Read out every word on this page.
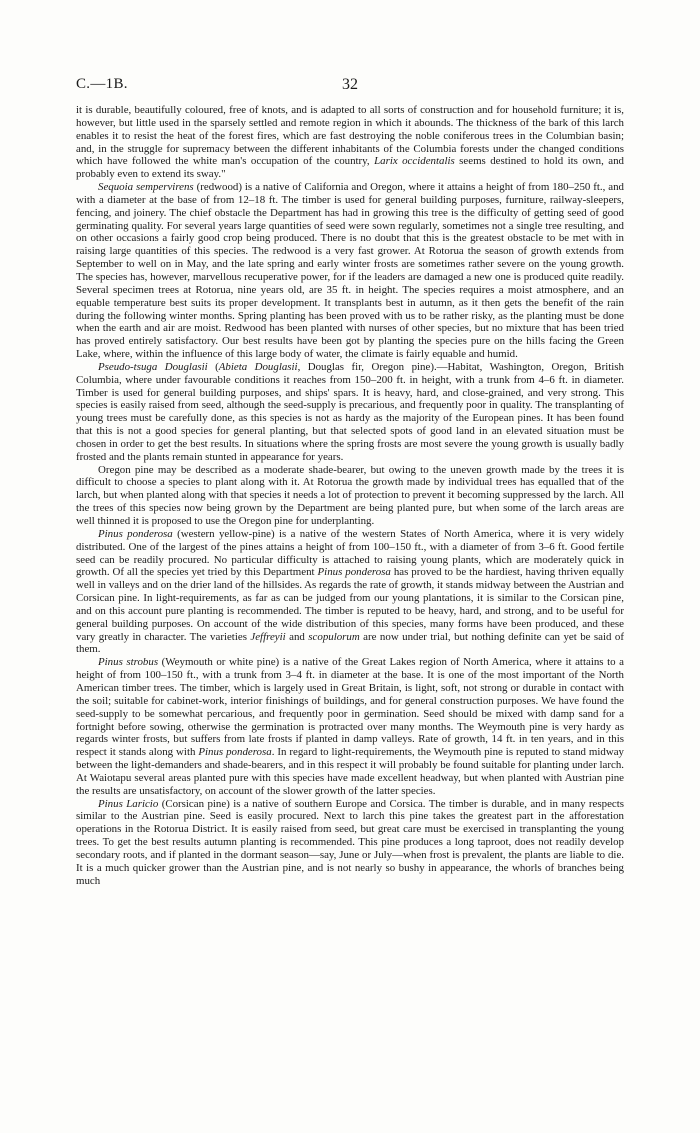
C.—1B.	32

it is durable, beautifully coloured, free of knots, and is adapted to all sorts of construction and for household furniture; it is, however, but little used in the sparsely settled and remote region in which it abounds. The thickness of the bark of this larch enables it to resist the heat of the forest fires, which are fast destroying the noble coniferous trees in the Columbian basin; and, in the struggle for supremacy between the different inhabitants of the Columbia forests under the changed conditions which have followed the white man's occupation of the country, Larix occidentalis seems destined to hold its own, and probably even to extend its sway."

Sequoia sempervirens (redwood) is a native of California and Oregon, where it attains a height of from 180–250 ft., and with a diameter at the base of from 12–18 ft. The timber is used for general building purposes, furniture, railway-sleepers, fencing, and joinery. The chief obstacle the Department has had in growing this tree is the difficulty of getting seed of good germinating quality. For several years large quantities of seed were sown regularly, sometimes not a single tree resulting, and on other occasions a fairly good crop being produced. There is no doubt that this is the greatest obstacle to be met with in raising large quantities of this species. The redwood is a very fast grower. At Rotorua the season of growth extends from September to well on in May, and the late spring and early winter frosts are sometimes rather severe on the young growth. The species has, however, marvellous recuperative power, for if the leaders are damaged a new one is produced quite readily. Several specimen trees at Rotorua, nine years old, are 35 ft. in height. The species requires a moist atmosphere, and an equable temperature best suits its proper development. It transplants best in autumn, as it then gets the benefit of the rain during the following winter months. Spring planting has been proved with us to be rather risky, as the planting must be done when the earth and air are moist. Redwood has been planted with nurses of other species, but no mixture that has been tried has proved entirely satisfactory. Our best results have been got by planting the species pure on the hills facing the Green Lake, where, within the influence of this large body of water, the climate is fairly equable and humid.

Pseudo-tsuga Douglasii (Abietа Douglasii, Douglas fir, Oregon pine).—Habitat, Washington, Oregon, British Columbia, where under favourable conditions it reaches from 150–200 ft. in height, with a trunk from 4–6 ft. in diameter. Timber is used for general building purposes, and ships' spars. It is heavy, hard, and close-grained, and very strong. This species is easily raised from seed, although the seed-supply is precarious, and frequently poor in quality. The transplanting of young trees must be carefully done, as this species is not as hardy as the majority of the European pines. It has been found that this is not a good species for general planting, but that selected spots of good land in an elevated situation must be chosen in order to get the best results. In situations where the spring frosts are most severe the young growth is usually badly frosted and the plants remain stunted in appearance for years.

Oregon pine may be described as a moderate shade-bearer, but owing to the uneven growth made by the trees it is difficult to choose a species to plant along with it. At Rotorua the growth made by individual trees has equalled that of the larch, but when planted along with that species it needs a lot of protection to prevent it becoming suppressed by the larch. All the trees of this species now being grown by the Department are being planted pure, but when some of the larch areas are well thinned it is proposed to use the Oregon pine for underplanting.

Pinus ponderosa (western yellow-pine) is a native of the western States of North America, where it is very widely distributed. One of the largest of the pines attains a height of from 100–150 ft., with a diameter of from 3–6 ft. Good fertile seed can be readily procured. No particular difficulty is attached to raising young plants, which are moderately quick in growth. Of all the species yet tried by this Department Pinus ponderosa has proved to be the hardiest, having thriven equally well in valleys and on the drier land of the hillsides. As regards the rate of growth, it stands midway between the Austrian and Corsican pine. In light-requirements, as far as can be judged from our young plantations, it is similar to the Corsican pine, and on this account pure planting is recommended. The timber is reputed to be heavy, hard, and strong, and to be useful for general building purposes. On account of the wide distribution of this species, many forms have been produced, and these vary greatly in character. The varieties Jeffreyii and scopulorum are now under trial, but nothing definite can yet be said of them.

Pinus strobus (Weymouth or white pine) is a native of the Great Lakes region of North America, where it attains to a height of from 100–150 ft., with a trunk from 3–4 ft. in diameter at the base. It is one of the most important of the North American timber trees. The timber, which is largely used in Great Britain, is light, soft, not strong or durable in contact with the soil; suitable for cabinet-work, interior finishings of buildings, and for general construction purposes. We have found the seed-supply to be somewhat percarious, and frequently poor in germination. Seed should be mixed with damp sand for a fortnight before sowing, otherwise the germination is protracted over many months. The Weymouth pine is very hardy as regards winter frosts, but suffers from late frosts if planted in damp valleys. Rate of growth, 14 ft. in ten years, and in this respect it stands along with Pinus ponderosa. In regard to light-requirements, the Weymouth pine is reputed to stand midway between the light-demanders and shade-bearers, and in this respect it will probably be found suitable for planting under larch. At Waiotapu several areas planted pure with this species have made excellent headway, but when planted with Austrian pine the results are unsatisfactory, on account of the slower growth of the latter species.

Pinus Laricio (Corsican pine) is a native of southern Europe and Corsica. The timber is durable, and in many respects similar to the Austrian pine. Seed is easily procured. Next to larch this pine takes the greatest part in the afforestation operations in the Rotorua District. It is easily raised from seed, but great care must be exercised in transplanting the young trees. To get the best results autumn planting is recommended. This pine produces a long taproot, does not readily develop secondary roots, and if planted in the dormant season—say, June or July—when frost is prevalent, the plants are liable to die. It is a much quicker grower than the Austrian pine, and is not nearly so bushy in appearance, the whorls of branches being much
